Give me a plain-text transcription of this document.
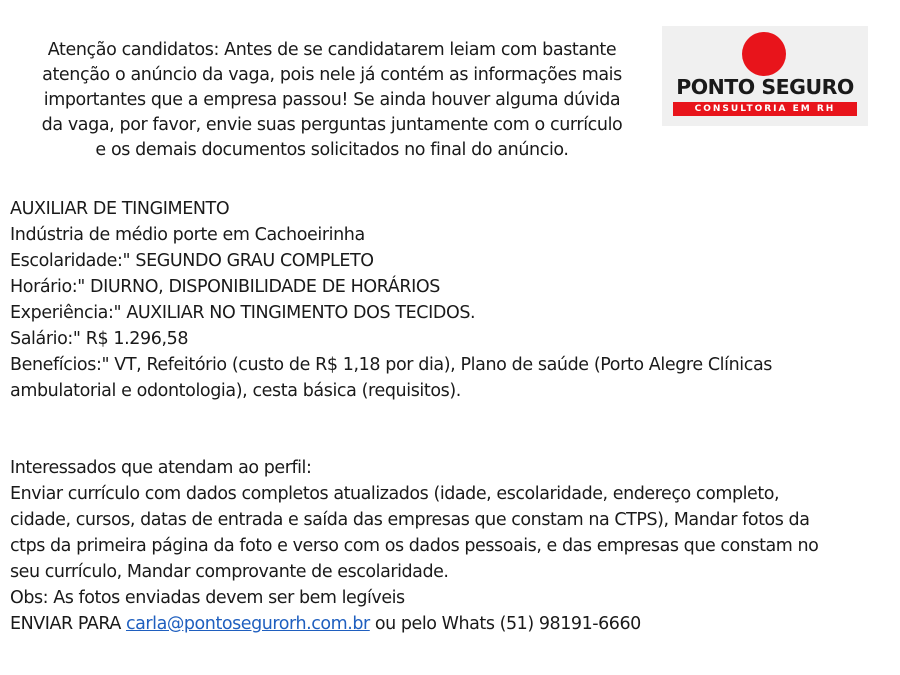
Atenção candidatos: Antes de se candidatarem leiam com bastante
atenção o anúncio da vaga, pois nele já contém as informações mais
importantes que a empresa passou! Se ainda houver alguma dúvida
da vaga, por favor, envie suas perguntas juntamente com o currículo
e os demais documentos solicitados no final do anúncio.
PONTO SEGURO
CONSULTORIA EM RH
AUXILIAR DE TINGIMENTO
Indústria de médio porte em Cachoeirinha
Escolaridade:" SEGUNDO GRAU COMPLETO
Horário:" DIURNO, DISPONIBILIDADE DE HORÁRIOS
Experiência:" AUXILIAR NO TINGIMENTO DOS TECIDOS.
Salário:" R$ 1.296,58
Benefícios:" VT, Refeitório (custo de R$ 1,18 por dia), Plano de saúde (Porto Alegre Clínicas
ambulatorial e odontologia), cesta básica (requisitos).
Interessados que atendam ao perfil:
Enviar currículo com dados completos atualizados (idade, escolaridade, endereço completo,
cidade, cursos, datas de entrada e saída das empresas que constam na CTPS), Mandar fotos da
ctps da primeira página da foto e verso com os dados pessoais, e das empresas que constam no
seu currículo, Mandar comprovante de escolaridade.
Obs: As fotos enviadas devem ser bem legíveis
ENVIAR PARA carla@pontosegurorh.com.br ou pelo Whats (51) 98191-6660
